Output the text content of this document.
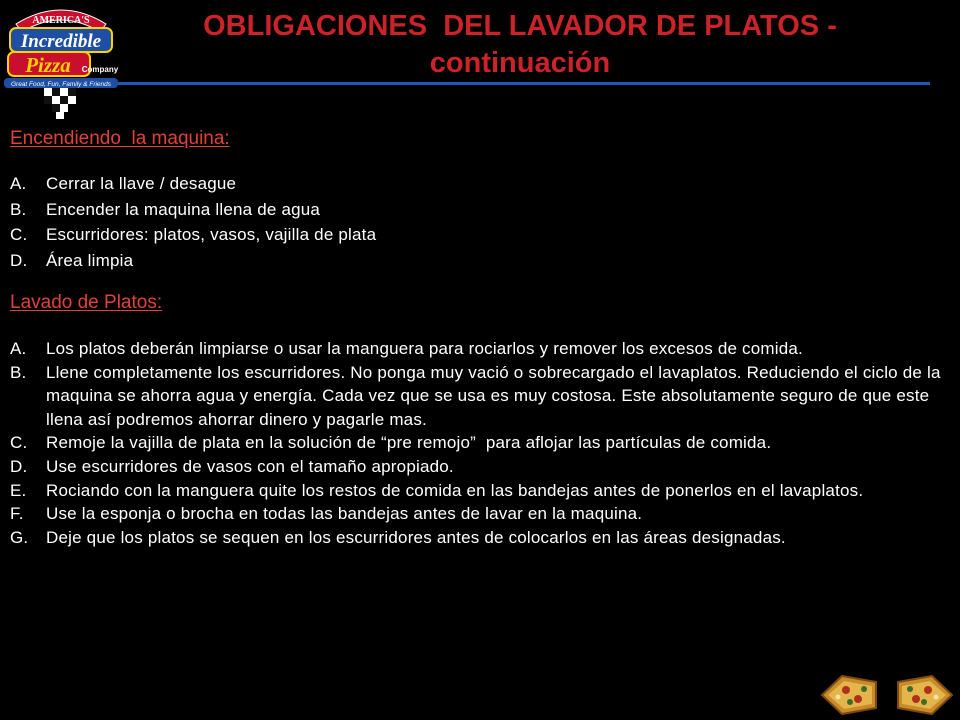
AMERICA'S
Incredible
Pizza Company
Great Food, Fun, Family & Friends
OBLIGACIONES  DEL LAVADOR DE PLATOS -
continuación
Encendiendo  la maquina:
A. Cerrar la llave / desague
B. Encender la maquina llena de agua
C. Escurridores: platos, vasos, vajilla de plata
D. Área limpia
Lavado de Platos:
A. Los platos deberán limpiarse o usar la manguera para rociarlos y remover los excesos de comida.
B. Llene completamente los escurridores. No ponga muy vació o sobrecargado el lavaplatos. Reduciendo el ciclo de la maquina se ahorra agua y energía. Cada vez que se usa es muy costosa. Este absolutamente seguro de que este llena así podremos ahorrar dinero y pagarle mas.
C. Remoje la vajilla de plata en la solución de “pre remojo”  para aflojar las partículas de comida.
D. Use escurridores de vasos con el tamaño apropiado.
E. Rociando con la manguera quite los restos de comida en las bandejas antes de ponerlos en el lavaplatos.
F. Use la esponja o brocha en todas las bandejas antes de lavar en la maquina.
G. Deje que los platos se sequen en los escurridores antes de colocarlos en las áreas designadas.
